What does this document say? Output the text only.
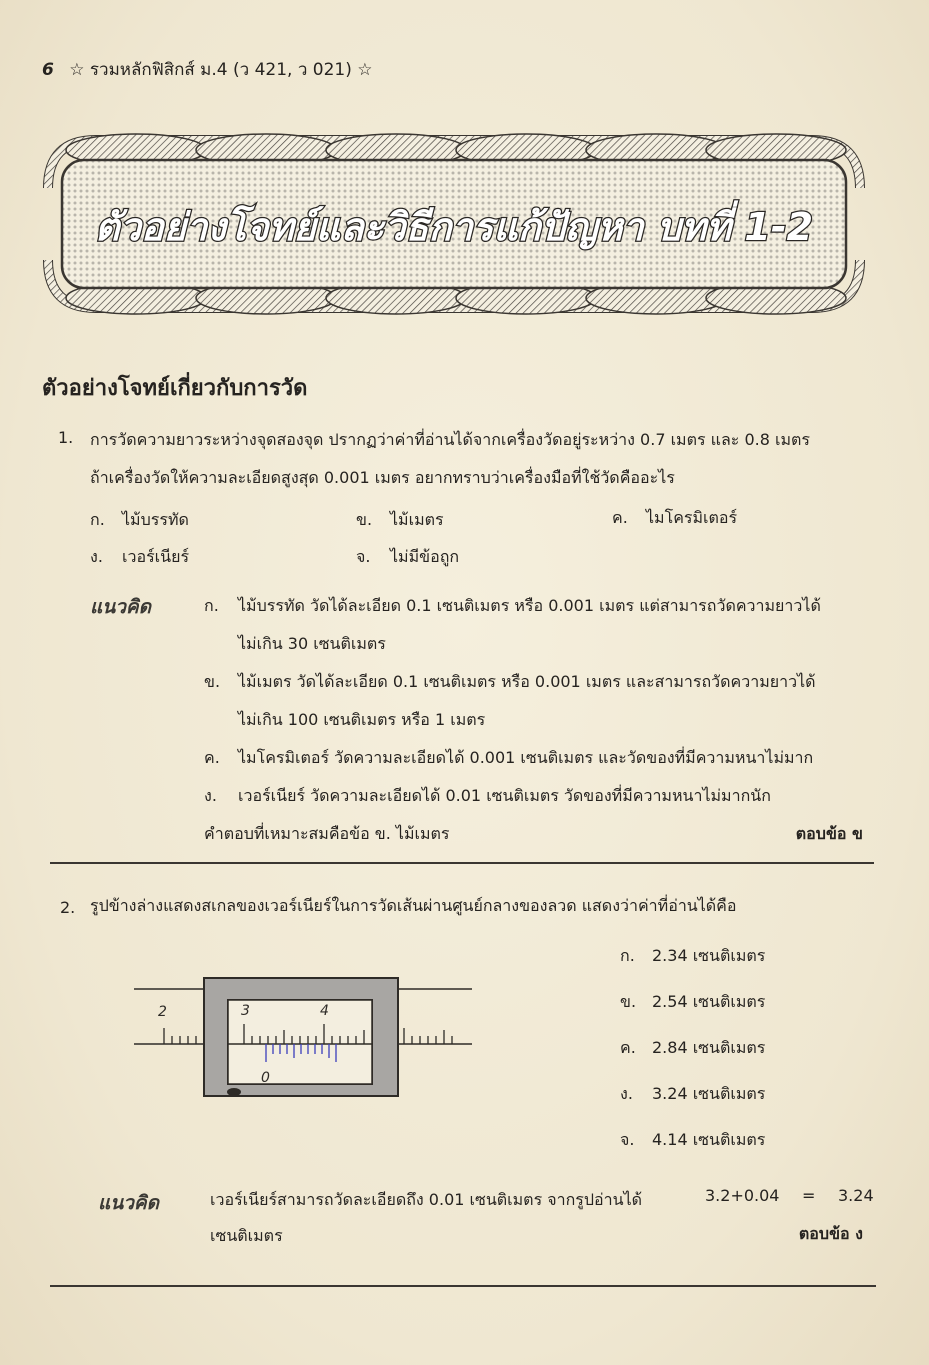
6 ☆ รวมหลักฟิสิกส์ ม.4 (ว 421, ว 021) ☆
ตัวอย่างโจทย์และวิธีการแก้ปัญหา บทที่ 1-2
ตัวอย่างโจทย์เกี่ยวกับการวัด
1. การวัดความยาวระหว่างจุดสองจุด ปรากฏว่าค่าที่อ่านได้จากเครื่องวัดอยู่ระหว่าง 0.7 เมตร และ 0.8 เมตร
ถ้าเครื่องวัดให้ความละเอียดสูงสุด 0.001 เมตร อยากทราบว่าเครื่องมือที่ใช้วัดคืออะไร
ก. ไม้บรรทัด	ข. ไม้เมตร	ค. ไมโครมิเตอร์
ง. เวอร์เนียร์	จ. ไม่มีข้อถูก
แนวคิด	ก. ไม้บรรทัด วัดได้ละเอียด 0.1 เซนติเมตร หรือ 0.001 เมตร แต่สามารถวัดความยาวได้
ไม่เกิน 30 เซนติเมตร
ข. ไม้เมตร วัดได้ละเอียด 0.1 เซนติเมตร หรือ 0.001 เมตร และสามารถวัดความยาวได้
ไม่เกิน 100 เซนติเมตร หรือ 1 เมตร
ค. ไมโครมิเตอร์ วัดความละเอียดได้ 0.001 เซนติเมตร และวัดของที่มีความหนาไม่มาก
ง. เวอร์เนียร์ วัดความละเอียดได้ 0.01 เซนติเมตร วัดของที่มีความหนาไม่มากนัก
คำตอบที่เหมาะสมคือข้อ ข. ไม้เมตร	ตอบข้อ ข
2. รูปข้างล่างแสดงสเกลของเวอร์เนียร์ในการวัดเส้นผ่านศูนย์กลางของลวด แสดงว่าค่าที่อ่านได้คือ
ก. 2.34 เซนติเมตร
ข. 2.54 เซนติเมตร
ค. 2.84 เซนติเมตร
ง. 3.24 เซนติเมตร
จ. 4.14 เซนติเมตร
2	3	4
0
แนวคิด	เวอร์เนียร์สามารถวัดละเอียดถึง 0.01 เซนติเมตร จากรูปอ่านได้	3.2+0.04 = 3.24
เซนติเมตร	ตอบข้อ ง
